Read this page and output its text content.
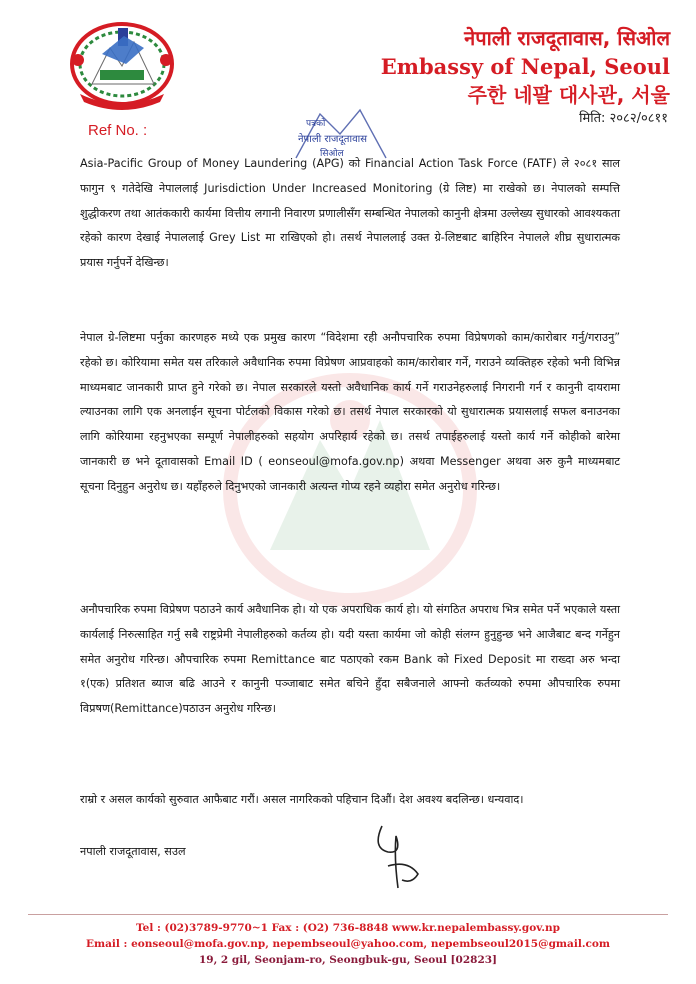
नेपाली राजदूतावास, सिओल
Embassy of Nepal, Seoul
주한 네팔 대사관, 서울
मिति: २०८२/०८११
Ref No. :	पत्रको
नेपाली राजदूतावास
सिओल
Asia-Pacific Group of Money Laundering (APG) को Financial Action Task Force (FATF) ले २०८१ साल फागुन ९ गतेदेखि नेपाललाई Jurisdiction Under Increased Monitoring (ग्रे लिष्ट) मा राखेको छ। नेपालको सम्पत्ति शुद्धीकरण तथा आतंककारी कार्यमा वित्तीय लगानी निवारण प्रणालीसँग सम्बन्धित नेपालको कानुनी क्षेत्रमा उल्लेख्य सुधारको आवश्यकता रहेको कारण देखाई नेपाललाई Grey List मा राखिएको हो। तसर्थ नेपाललाई उक्त ग्रे-लिष्टबाट बाहिरिन नेपालले शीघ्र सुधारात्मक प्रयास गर्नुपर्ने देखिन्छ।
नेपाल ग्रे-लिष्टमा पर्नुका कारणहरु मध्ये एक प्रमुख कारण “विदेशमा रही अनौपचारिक रुपमा विप्रेषणको काम/कारोबार गर्नु/गराउनु” रहेको छ। कोरियामा समेत यस तरिकाले अवैधानिक रुपमा विप्रेषण आप्रवाहको काम/कारोबार गर्ने, गराउने व्यक्तिहरु रहेको भनी विभिन्न माध्यमबाट जानकारी प्राप्त हुने गरेको छ। नेपाल सरकारले यस्तो अवैधानिक कार्य गर्ने गराउनेहरुलाई निगरानी गर्न र कानुनी दायरामा ल्याउनका लागि एक अनलाईन सूचना पोर्टलको विकास गरेको छ। तसर्थ नेपाल सरकारको यो सुधारात्मक प्रयासलाई सफल बनाउनका लागि कोरियामा रहनुभएका सम्पूर्ण नेपालीहरुको सहयोग अपरिहार्य रहेको छ। तसर्थ तपाईहरुलाई यस्तो कार्य गर्ने कोहीको बारेमा जानकारी छ भने दूतावासको Email ID ( eonseoul@mofa.gov.np) अथवा Messenger अथवा अरु कुनै माध्यमबाट सूचना दिनुहुन अनुरोध छ। यहाँहरुले दिनुभएको जानकारी अत्यन्त गोप्य रहने व्यहोरा समेत अनुरोध गरिन्छ।
अनौपचारिक रुपमा विप्रेषण पठाउने कार्य अवैधानिक हो। यो एक अपराधिक कार्य हो। यो संगठित अपराध भित्र समेत पर्ने भएकाले यस्ता कार्यलाई निरुत्साहित गर्नु सबै राष्ट्रप्रेमी नेपालीहरुको कर्तव्य हो। यदी यस्ता कार्यमा जो कोही संलग्न हुनुहुन्छ भने आजैबाट बन्द गर्नेहुन समेत अनुरोध गरिन्छ। औपचारिक रुपमा Remittance बाट पठाएको रकम Bank को Fixed Deposit मा राख्दा अरु भन्दा १(एक) प्रतिशत ब्याज बढि आउने र कानुनी पञ्जाबाट समेत बचिने हुँदा सबैजनाले आफ्नो कर्तव्यको रुपमा औपचारिक रुपमा विप्रषण(Remittance)पठाउन अनुरोध गरिन्छ।
राम्रो र असल कार्यको सुरुवात आफैबाट गरौं। असल नागरिकको पहिचान दिऔं। देश अवश्य बदलिन्छ। धन्यवाद।
नपाली राजदूतावास, सउल
Tel : (02)3789-9770~1 Fax : (O2) 736-8848 www.kr.nepalembassy.gov.np
Email : eonseoul@mofa.gov.np, nepembseoul@yahoo.com, nepembseoul2015@gmail.com
19, 2 gil, Seonjam-ro, Seongbuk-gu, Seoul [02823]
